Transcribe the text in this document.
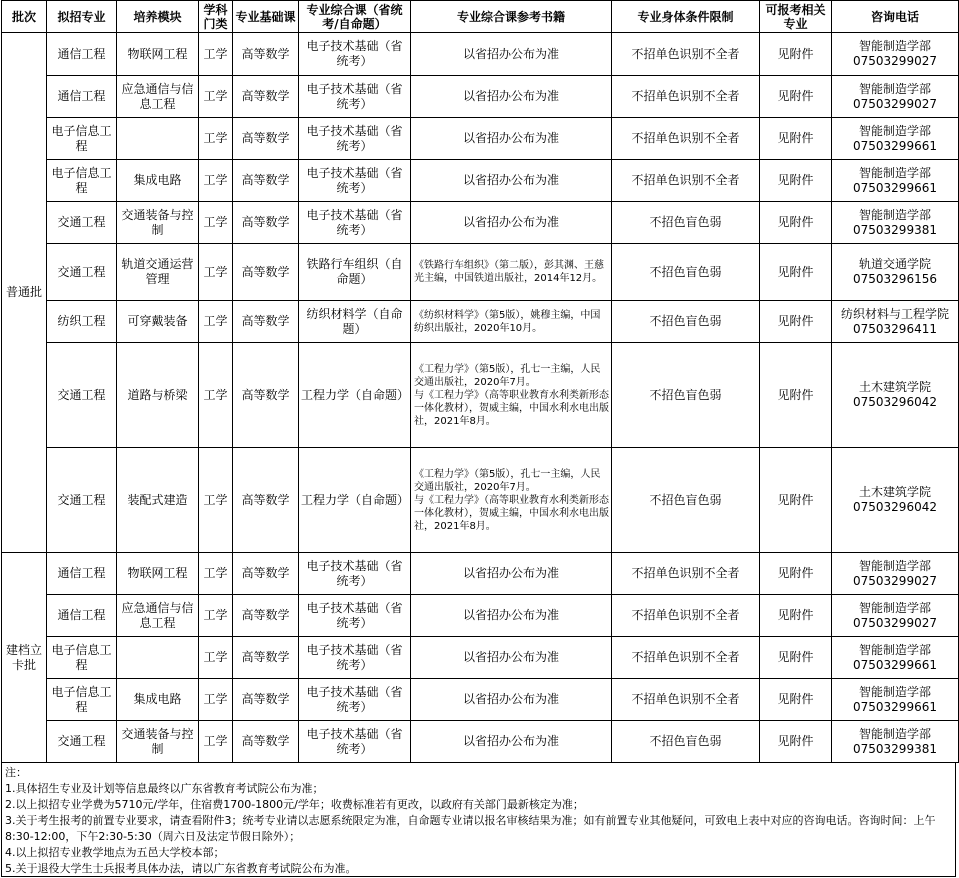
批次	拟招专业	培养模块	学科门类	专业基础课	专业综合课（省统考/自命题）	专业综合课参考书籍	专业身体条件限制	可报考相关专业	咨询电话
普通批	通信工程	物联网工程	工学	高等数学	电子技术基础（省统考）	以省招办公布为准	不招单色识别不全者	见附件	智能制造学部
07503299027
	通信工程	应急通信与信息工程	工学	高等数学	电子技术基础（省统考）	以省招办公布为准	不招单色识别不全者	见附件	智能制造学部
07503299027
	电子信息工程		工学	高等数学	电子技术基础（省统考）	以省招办公布为准	不招单色识别不全者	见附件	智能制造学部
07503299661
	电子信息工程	集成电路	工学	高等数学	电子技术基础（省统考）	以省招办公布为准	不招单色识别不全者	见附件	智能制造学部
07503299661
	交通工程	交通装备与控制	工学	高等数学	电子技术基础（省统考）	以省招办公布为准	不招色盲色弱	见附件	智能制造学部
07503299381
	交通工程	轨道交通运营管理	工学	高等数学	铁路行车组织（自命题）	《铁路行车组织》（第二版），彭其渊、王慈光主编，中国铁道出版社，2014年12月。	不招色盲色弱	见附件	轨道交通学院
07503296156
	纺织工程	可穿戴装备	工学	高等数学	纺织材料学（自命题）	《纺织材料学》（第5版），姚穆主编，中国纺织出版社，2020年10月。	不招色盲色弱	见附件	纺织材料与工程学院07503296411
	交通工程	道路与桥梁	工学	高等数学	工程力学（自命题）	《工程力学》（第5版），孔七一主编，人民交通出版社，2020年7月。
与《工程力学》（高等职业教育水利类新形态一体化教材），贺威主编，中国水利水电出版社，2021年8月。	不招色盲色弱	见附件	土木建筑学院
07503296042
	交通工程	装配式建造	工学	高等数学	工程力学（自命题）	《工程力学》（第5版），孔七一主编，人民交通出版社，2020年7月。
与《工程力学》（高等职业教育水利类新形态一体化教材），贺威主编，中国水利水电出版社，2021年8月。	不招色盲色弱	见附件	土木建筑学院
07503296042
建档立卡批	通信工程	物联网工程	工学	高等数学	电子技术基础（省统考）	以省招办公布为准	不招单色识别不全者	见附件	智能制造学部
07503299027
	通信工程	应急通信与信息工程	工学	高等数学	电子技术基础（省统考）	以省招办公布为准	不招单色识别不全者	见附件	智能制造学部
07503299027
	电子信息工程		工学	高等数学	电子技术基础（省统考）	以省招办公布为准	不招单色识别不全者	见附件	智能制造学部
07503299661
	电子信息工程	集成电路	工学	高等数学	电子技术基础（省统考）	以省招办公布为准	不招单色识别不全者	见附件	智能制造学部
07503299661
	交通工程	交通装备与控制	工学	高等数学	电子技术基础（省统考）	以省招办公布为准	不招色盲色弱	见附件	智能制造学部
07503299381
注：
1.具体招生专业及计划等信息最终以广东省教育考试院公布为准；
2.以上拟招专业学费为5710元/学年，住宿费1700-1800元/学年；收费标准若有更改，以政府有关部门最新核定为准；
3.关于考生报考的前置专业要求，请查看附件3；统考专业请以志愿系统限定为准，自命题专业请以报名审核结果为准；如有前置专业其他疑问，可致电上表中对应的咨询电话。咨询时间：上午8:30-12:00，下午2:30-5:30（周六日及法定节假日除外）；
4.以上拟招专业教学地点为五邑大学校本部；
5.关于退役大学生士兵报考具体办法，请以广东省教育考试院公布为准。
